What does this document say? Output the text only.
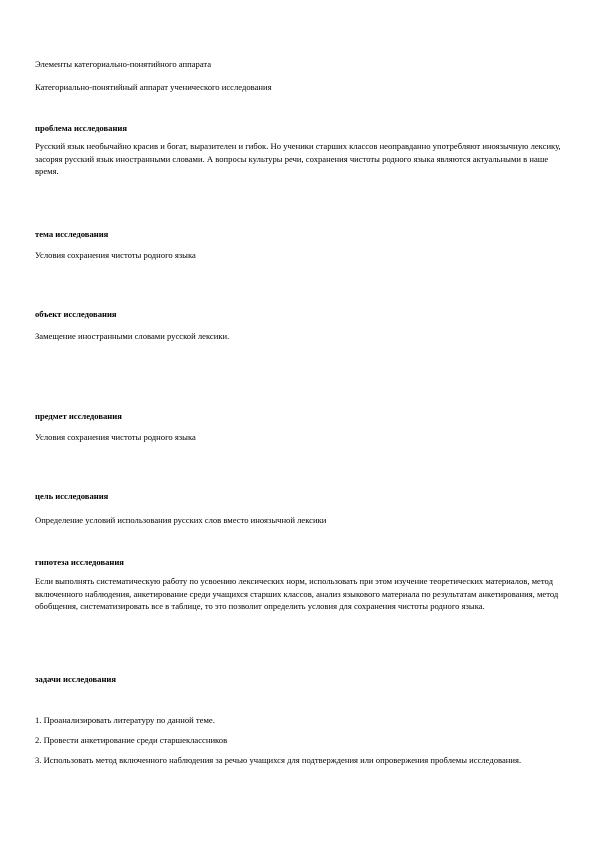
Элементы категориально-понятийного аппарата
Категориально-понятийный аппарат ученического исследования
проблема исследования
Русский язык необычайно красив и богат, выразителен и гибок. Но ученики старших классов неоправданно употребляют иноязычную лексику, засоряя русский язык иностранными словами. А вопросы культуры речи, сохранения чистоты родного языка являются актуальными в наше время.
тема исследования
Условия сохранения чистоты родного языка
объект исследования
Замещение иностранными словами русской лексики.
предмет исследования
Условия сохранения чистоты родного языка
цель исследования
Определение условий использования русских слов вместо иноязычной лексики
гипотеза исследования
Если выполнять систематическую работу по усвоению лексических норм, использовать при этом изучение теоретических материалов, метод включенного наблюдения, анкетирование среди учащихся старших классов, анализ языкового материала по результатам анкетирования, метод обобщения, систематизировать все в таблице, то это позволит определить условия для сохранения чистоты родного языка.
задачи исследования
1. Проанализировать литературу по данной теме.
2. Провести анкетирование среди старшеклассников
3. Использовать метод включенного наблюдения за речью учащихся для подтверждения или опровержения проблемы исследования.
